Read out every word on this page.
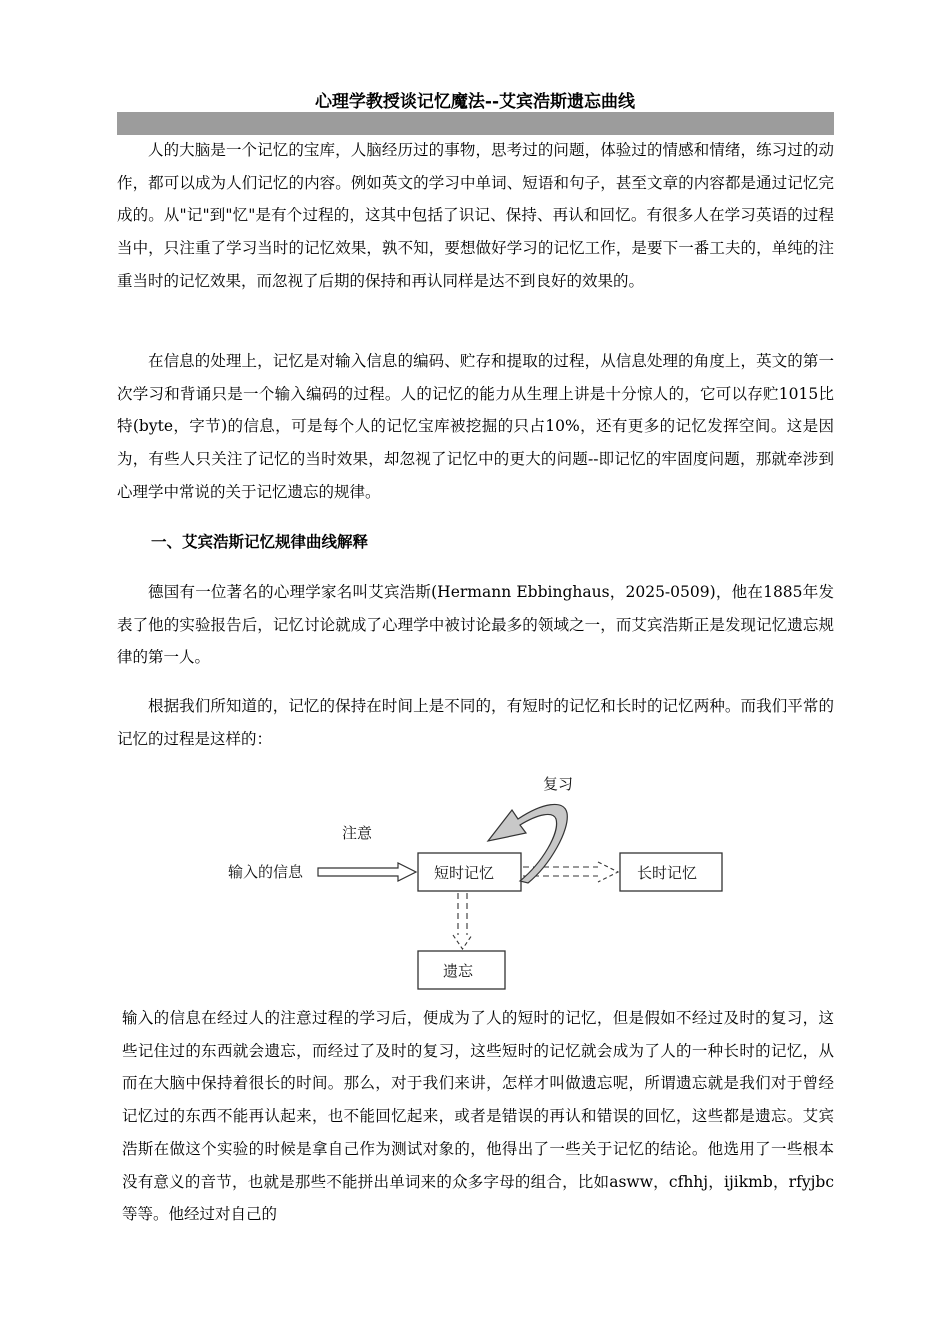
心理学教授谈记忆魔法--艾宾浩斯遗忘曲线

人的大脑是一个记忆的宝库，人脑经历过的事物，思考过的问题，体验过的情感和情绪，练习过的动作，都可以成为人们记忆的内容。例如英文的学习中单词、短语和句子，甚至文章的内容都是通过记忆完成的。从"记"到"忆"是有个过程的，这其中包括了识记、保持、再认和回忆。有很多人在学习英语的过程当中，只注重了学习当时的记忆效果，孰不知，要想做好学习的记忆工作，是要下一番工夫的，单纯的注重当时的记忆效果，而忽视了后期的保持和再认同样是达不到良好的效果的。

在信息的处理上，记忆是对输入信息的编码、贮存和提取的过程，从信息处理的角度上，英文的第一次学习和背诵只是一个输入编码的过程。人的记忆的能力从生理上讲是十分惊人的，它可以存贮1015比特(byte，字节)的信息，可是每个人的记忆宝库被挖掘的只占10%，还有更多的记忆发挥空间。这是因为，有些人只关注了记忆的当时效果，却忽视了记忆中的更大的问题--即记忆的牢固度问题，那就牵涉到心理学中常说的关于记忆遗忘的规律。

一、艾宾浩斯记忆规律曲线解释

德国有一位著名的心理学家名叫艾宾浩斯(Hermann Ebbinghaus，2025-0509)，他在1885年发表了他的实验报告后，记忆讨论就成了心理学中被讨论最多的领域之一，而艾宾浩斯正是发现记忆遗忘规律的第一人。

根据我们所知道的，记忆的保持在时间上是不同的，有短时的记忆和长时的记忆两种。而我们平常的记忆的过程是这样的：

输入的信息
注意
复习
短时记忆	长时记忆
遗忘

输入的信息在经过人的注意过程的学习后，便成为了人的短时的记忆，但是假如不经过及时的复习，这些记住过的东西就会遗忘，而经过了及时的复习，这些短时的记忆就会成为了人的一种长时的记忆，从而在大脑中保持着很长的时间。那么，对于我们来讲，怎样才叫做遗忘呢，所谓遗忘就是我们对于曾经记忆过的东西不能再认起来，也不能回忆起来，或者是错误的再认和错误的回忆，这些都是遗忘。艾宾浩斯在做这个实验的时候是拿自己作为测试对象的，他得出了一些关于记忆的结论。他选用了一些根本没有意义的音节，也就是那些不能拼出单词来的众多字母的组合，比如asww，cfhhj，ijikmb，rfyjbc等等。他经过对自己的
